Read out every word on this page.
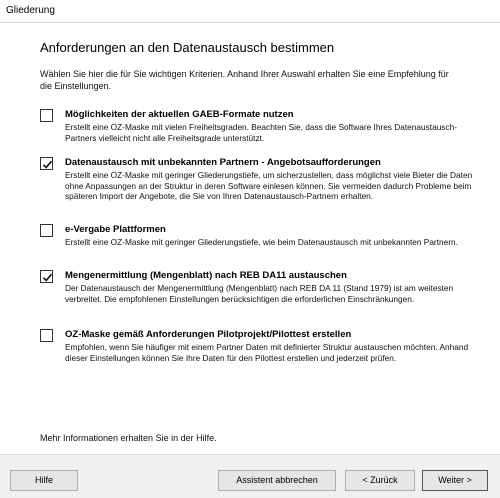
Gliederung
Anforderungen an den Datenaustausch bestimmen
Wählen Sie hier die für Sie wichtigen Kriterien. Anhand Ihrer Auswahl erhalten Sie eine Empfehlung für die Einstellungen.
Möglichkeiten der aktuellen GAEB-Formate nutzen
Erstellt eine OZ-Maske mit vielen Freiheitsgraden. Beachten Sie, dass die Software Ihres Datenaustausch-Partners vielleicht nicht alle Freiheitsgrade unterstützt.
Datenaustausch mit unbekannten Partnern - Angebotsaufforderungen
Erstellt eine OZ-Maske mit geringer Gliederungstiefe, um sicherzustellen, dass möglichst viele Bieter die Daten ohne Anpassungen an der Struktur in deren Software einlesen können. Sie vermeiden dadurch Probleme beim späteren Import der Angebote, die Sie von Ihren Datenaustausch-Partnern erhalten.
e-Vergabe Plattformen
Erstellt eine OZ-Maske mit geringer Gliederungstiefe, wie beim Datenaustausch mit unbekannten Partnern.
Mengenermittlung (Mengenblatt) nach REB DA11 austauschen
Der Datenaustausch der Mengenermittlung (Mengenblatt) nach REB DA 11 (Stand 1979) ist am weitesten verbreitet. Die empfohlenen Einstellungen berücksichtigen die erforderlichen Einschränkungen.
OZ-Maske gemäß Anforderungen Pilotprojekt/Pilottest erstellen
Empfohlen, wenn Sie häufiger mit einem Partner Daten mit definierter Struktur austauschen möchten. Anhand dieser Einstellungen können Sie Ihre Daten für den Pilottest erstellen und jederzeit prüfen.
Mehr Informationen erhalten Sie in der Hilfe.
Hilfe	Assistent abbrechen	< Zurück	Weiter >
